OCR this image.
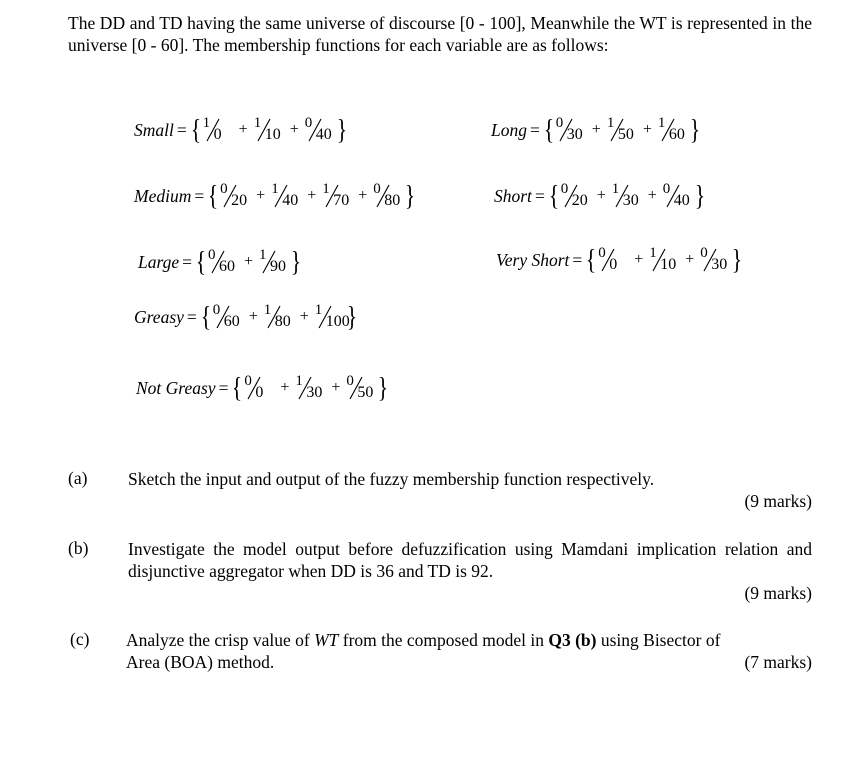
The DD and TD having the same universe of discourse [0 - 100], Meanwhile the WT is represented in the universe [0 - 60]. The membership functions for each variable are as follows:
Small = { 1
0 + 1
10 + 0
40 }
Medium = { 0
20 + 1
40 + 1
70 + 0
80 }
Large = { 0
60 + 1
90 }
Greasy = { 0
60 + 1
80 + 1
100
}
Not Greasy = { 0
0 + 1
30 + 0
50 }
Long = { 0
30 + 1
50 + 1
60 }
Short = { 0
20 + 1
30 + 0
40 }
Very Short = { 0
0 + 1
10 + 0
30 }
(a) Sketch the input and output of the fuzzy membership function respectively.
(9 marks)
(b) Investigate the model output before defuzzification using Mamdani implication relation and disjunctive aggregator when DD is 36 and TD is 92.
(9 marks)
(c) Analyze the crisp value of WT from the composed model in Q3 (b) using Bisector of Area (BOA) method.	(7 marks)
